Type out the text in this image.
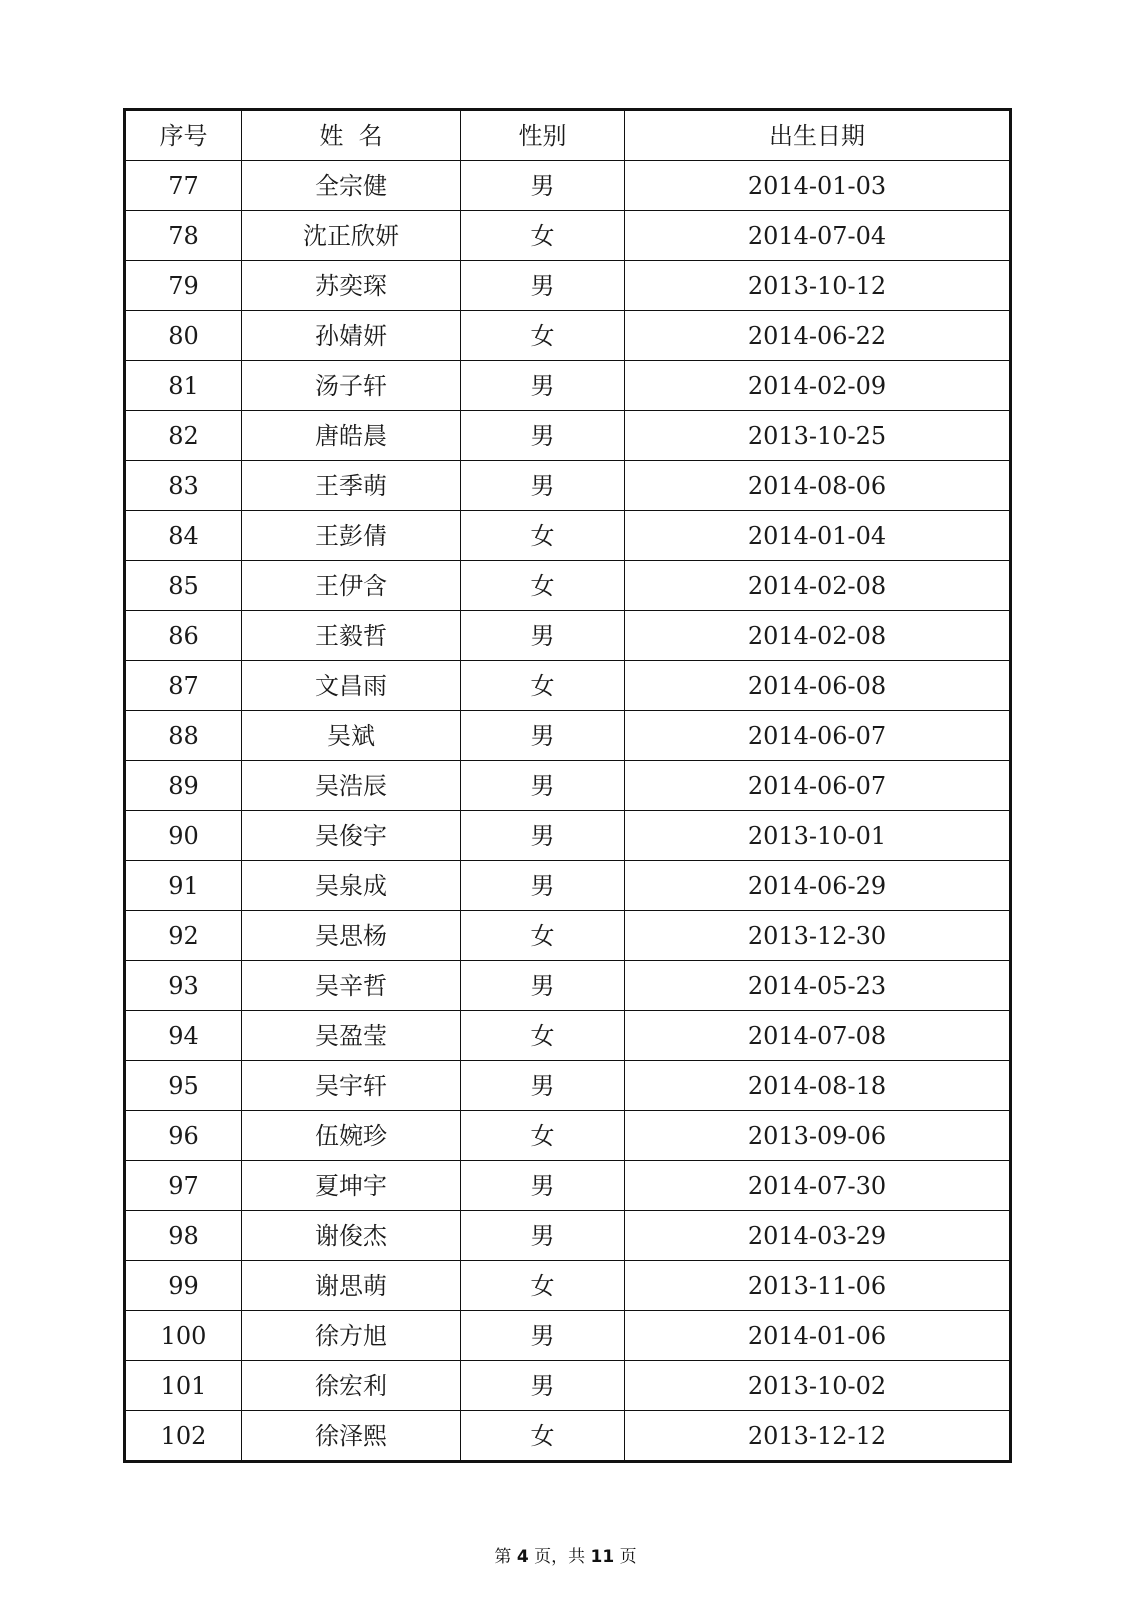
序号	姓  名	性别	出生日期
77	全宗健	男	2014-01-03
78	沈正欣妍	女	2014-07-04
79	苏奕琛	男	2013-10-12
80	孙婧妍	女	2014-06-22
81	汤子轩	男	2014-02-09
82	唐皓晨	男	2013-10-25
83	王季萌	男	2014-08-06
84	王彭倩	女	2014-01-04
85	王伊含	女	2014-02-08
86	王毅哲	男	2014-02-08
87	文昌雨	女	2014-06-08
88	吴斌	男	2014-06-07
89	吴浩辰	男	2014-06-07
90	吴俊宇	男	2013-10-01
91	吴泉成	男	2014-06-29
92	吴思杨	女	2013-12-30
93	吴辛哲	男	2014-05-23
94	吴盈莹	女	2014-07-08
95	吴宇轩	男	2014-08-18
96	伍婉珍	女	2013-09-06
97	夏坤宇	男	2014-07-30
98	谢俊杰	男	2014-03-29
99	谢思萌	女	2013-11-06
100	徐方旭	男	2014-01-06
101	徐宏利	男	2013-10-02
102	徐泽熙	女	2013-12-12
第 4 页，共 11 页
